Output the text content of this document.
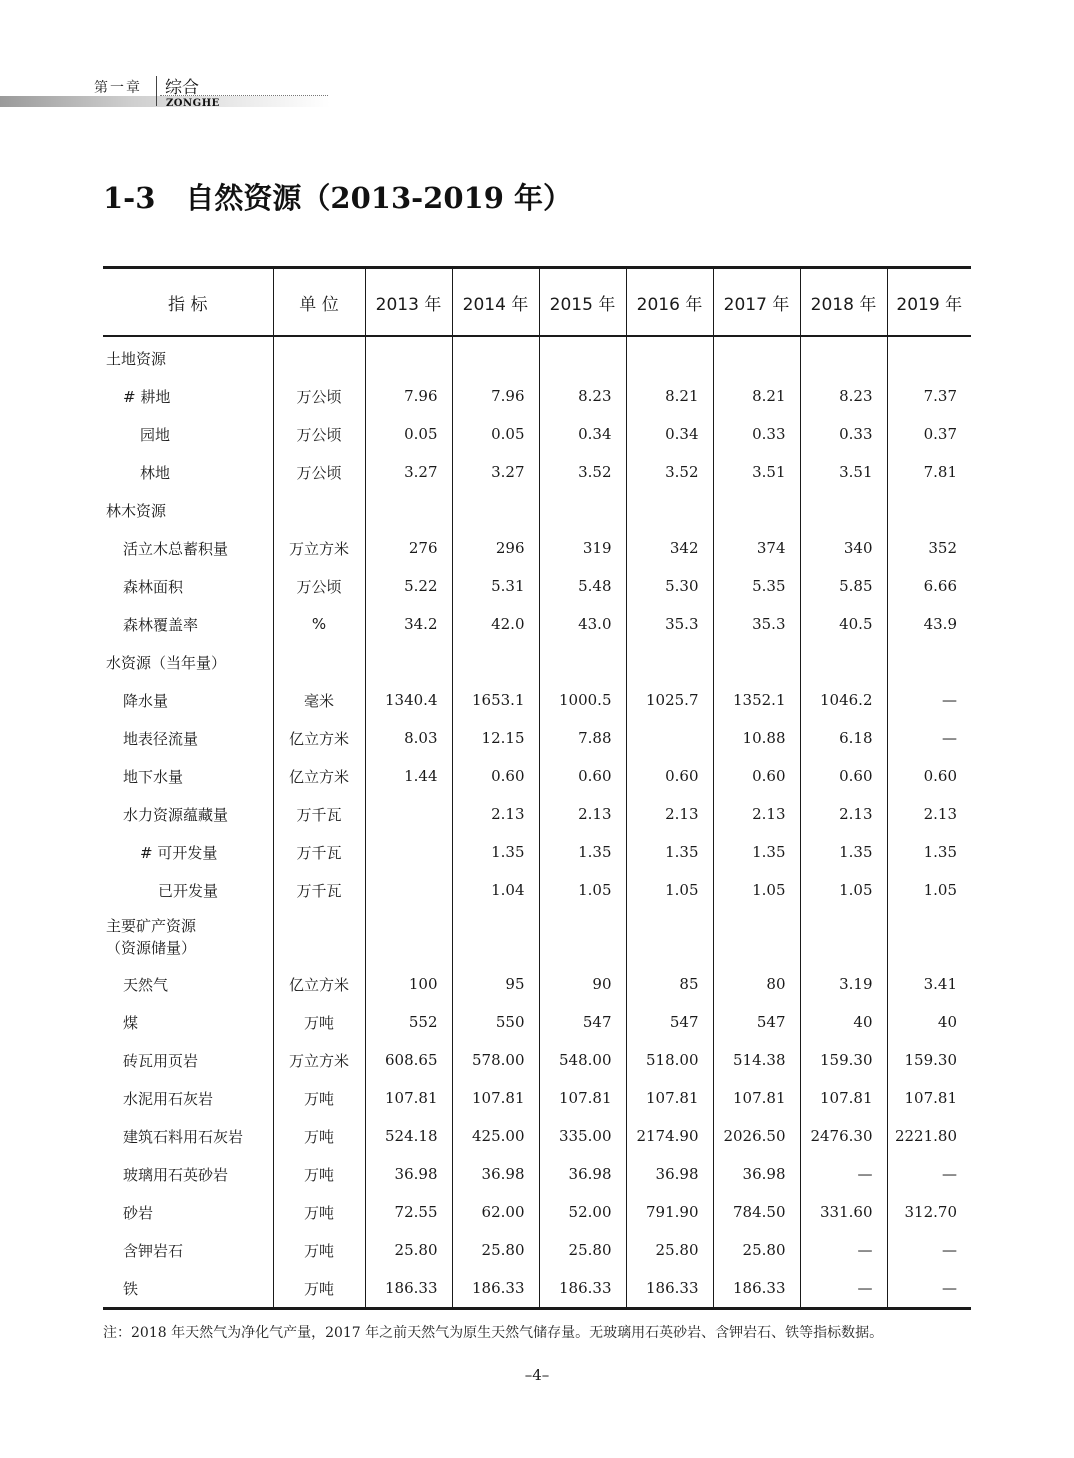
第一章 综合
ZONGHE
1-3 自然资源（2013-2019 年）
指 标	单 位	2013 年	2014 年	2015 年	2016 年	2017 年	2018 年	2019 年
土地资源								
# 耕地	万公顷	7.96	7.96	8.23	8.21	8.21	8.23	7.37
园地	万公顷	0.05	0.05	0.34	0.34	0.33	0.33	0.37
林地	万公顷	3.27	3.27	3.52	3.52	3.51	3.51	7.81
林木资源								
活立木总蓄积量	万立方米	276	296	319	342	374	340	352
森林面积	万公顷	5.22	5.31	5.48	5.30	5.35	5.85	6.66
森林覆盖率	%	34.2	42.0	43.0	35.3	35.3	40.5	43.9
水资源（当年量）								
降水量	毫米	1340.4	1653.1	1000.5	1025.7	1352.1	1046.2	—
地表径流量	亿立方米	8.03	12.15	7.88		10.88	6.18	—
地下水量	亿立方米	1.44	0.60	0.60	0.60	0.60	0.60	0.60
水力资源蕴藏量	万千瓦		2.13	2.13	2.13	2.13	2.13	2.13
# 可开发量	万千瓦		1.35	1.35	1.35	1.35	1.35	1.35
已开发量	万千瓦		1.04	1.05	1.05	1.05	1.05	1.05
主要矿产资源
（资源储量）								
天然气	亿立方米	100	95	90	85	80	3.19	3.41
煤	万吨	552	550	547	547	547	40	40
砖瓦用页岩	万立方米	608.65	578.00	548.00	518.00	514.38	159.30	159.30
水泥用石灰岩	万吨	107.81	107.81	107.81	107.81	107.81	107.81	107.81
建筑石料用石灰岩	万吨	524.18	425.00	335.00	2174.90	2026.50	2476.30	2221.80
玻璃用石英砂岩	万吨	36.98	36.98	36.98	36.98	36.98	—	—
砂岩	万吨	72.55	62.00	52.00	791.90	784.50	331.60	312.70
含钾岩石	万吨	25.80	25.80	25.80	25.80	25.80	—	—
铁	万吨	186.33	186.33	186.33	186.33	186.33	—	—
注：2018 年天然气为净化气产量，2017 年之前天然气为原生天然气储存量。无玻璃用石英砂岩、含钾岩石、铁等指标数据。
–4–
